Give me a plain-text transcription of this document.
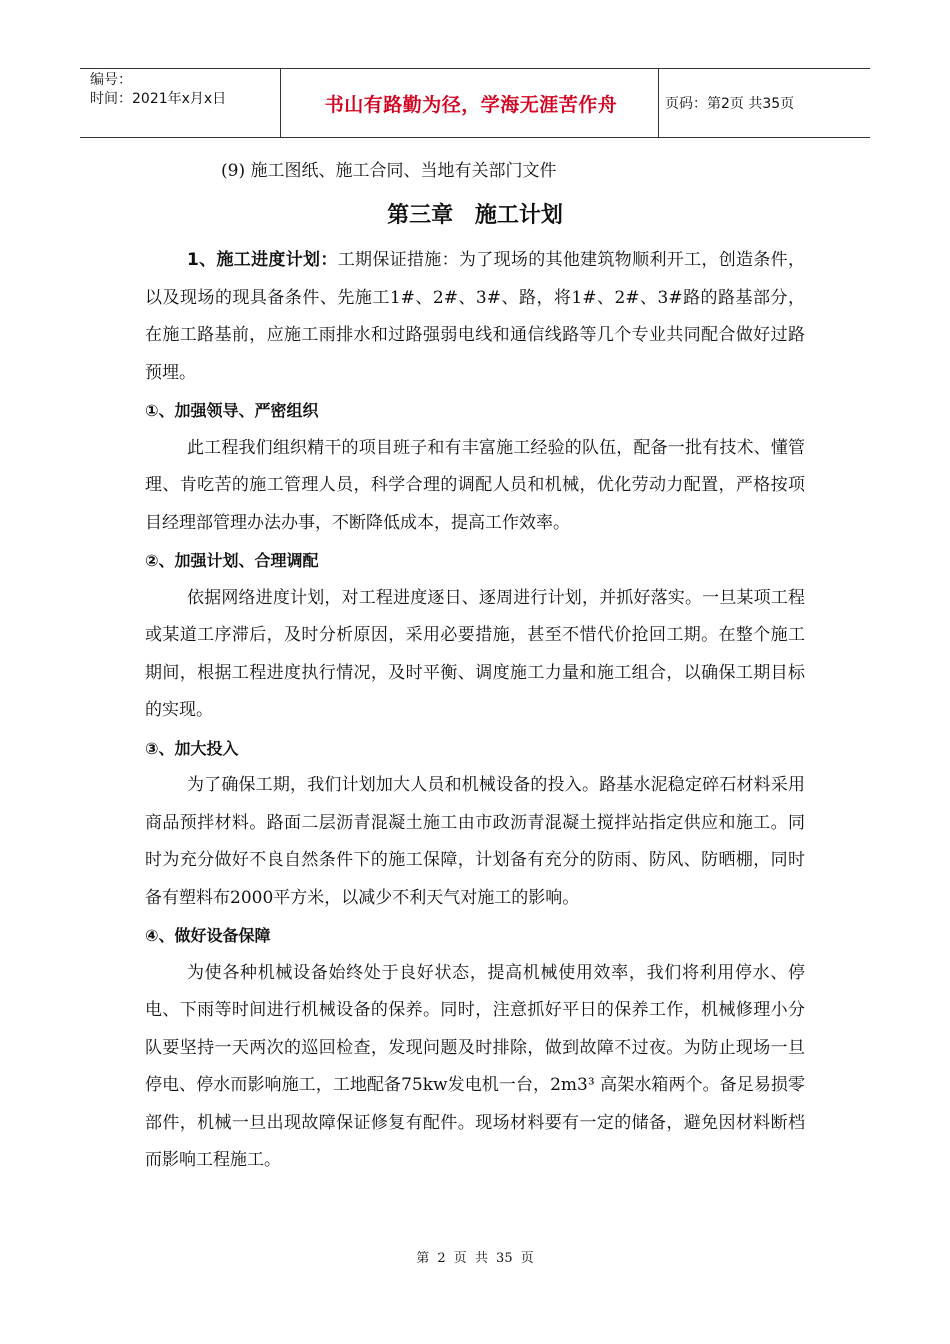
编号：
时间：2021年x月x日	书山有路勤为径，学海无涯苦作舟	页码：第2页 共35页

(9) 施工图纸、施工合同、当地有关部门文件

第三章 施工计划

1、施工进度计划：工期保证措施：为了现场的其他建筑物顺利开工，创造条件，以及现场的现具备条件、先施工1#、2#、3#、路，将1#、2#、3#路的路基部分，在施工路基前，应施工雨排水和过路强弱电线和通信线路等几个专业共同配合做好过路预埋。

①、加强领导、严密组织

此工程我们组织精干的项目班子和有丰富施工经验的队伍，配备一批有技术、懂管理、肯吃苦的施工管理人员，科学合理的调配人员和机械，优化劳动力配置，严格按项目经理部管理办法办事，不断降低成本，提高工作效率。

②、加强计划、合理调配

依据网络进度计划，对工程进度逐日、逐周进行计划，并抓好落实。一旦某项工程或某道工序滞后，及时分析原因，采用必要措施，甚至不惜代价抢回工期。在整个施工期间，根据工程进度执行情况，及时平衡、调度施工力量和施工组合，以确保工期目标的实现。

③、加大投入

为了确保工期，我们计划加大人员和机械设备的投入。路基水泥稳定碎石材料采用商品预拌材料。路面二层沥青混凝土施工由市政沥青混凝土搅拌站指定供应和施工。同时为充分做好不良自然条件下的施工保障，计划备有充分的防雨、防风、防晒棚，同时备有塑料布2000平方米，以减少不利天气对施工的影响。

④、做好设备保障

为使各种机械设备始终处于良好状态，提高机械使用效率，我们将利用停水、停电、下雨等时间进行机械设备的保养。同时，注意抓好平日的保养工作，机械修理小分队要坚持一天两次的巡回检查，发现问题及时排除，做到故障不过夜。为防止现场一旦停电、停水而影响施工，工地配备75kw发电机一台，2m3³ 高架水箱两个。备足易损零部件，机械一旦出现故障保证修复有配件。现场材料要有一定的储备，避免因材料断档而影响工程施工。

第 2 页 共 35 页
